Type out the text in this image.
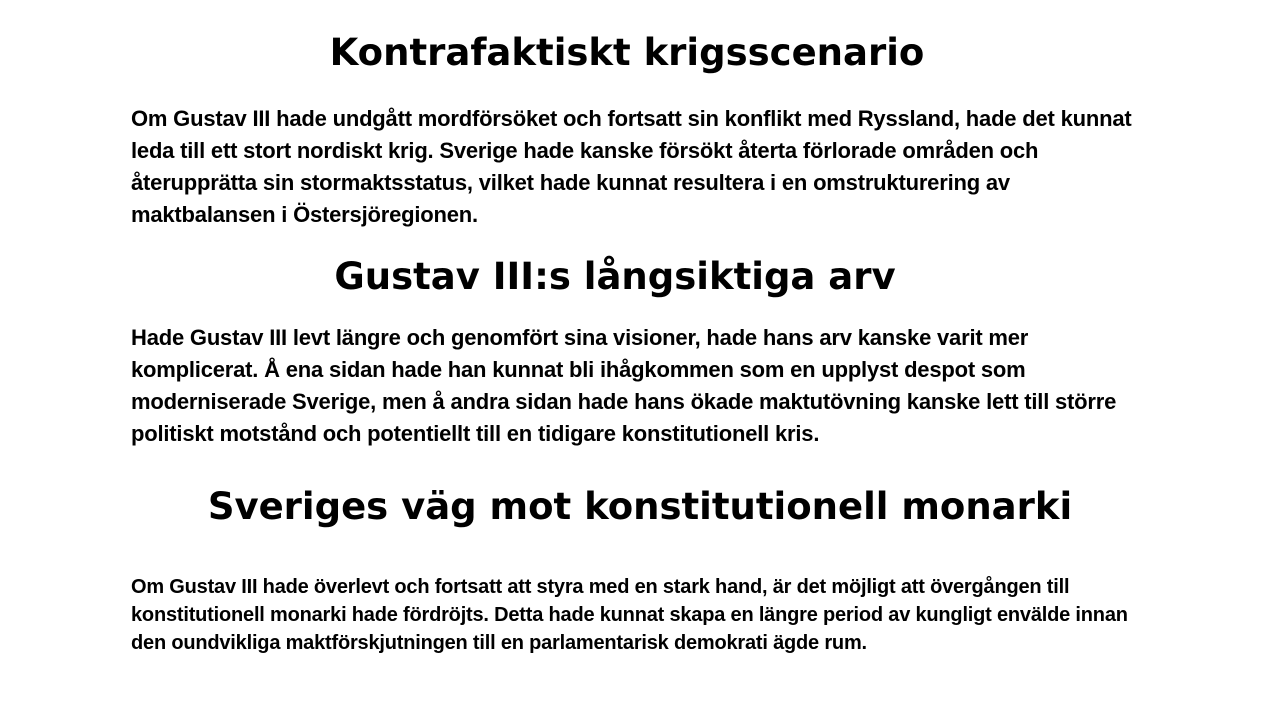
Kontrafaktiskt krigsscenario

Om Gustav III hade undgått mordförsöket och fortsatt sin konflikt med Ryssland, hade det kunnat leda till ett stort nordiskt krig. Sverige hade kanske försökt återta förlorade områden och återupprätta sin stormaktsstatus, vilket hade kunnat resultera i en omstrukturering av maktbalansen i Östersjöregionen.

Gustav III:s långsiktiga arv

Hade Gustav III levt längre och genomfört sina visioner, hade hans arv kanske varit mer komplicerat. Å ena sidan hade han kunnat bli ihågkommen som en upplyst despot som moderniserade Sverige, men å andra sidan hade hans ökade maktutövning kanske lett till större politiskt motstånd och potentiellt till en tidigare konstitutionell kris.

Sveriges väg mot konstitutionell monarki

Om Gustav III hade överlevt och fortsatt att styra med en stark hand, är det möjligt att övergången till konstitutionell monarki hade fördröjts. Detta hade kunnat skapa en längre period av kungligt envälde innan den oundvikliga maktförskjutningen till en parlamentarisk demokrati ägde rum.
